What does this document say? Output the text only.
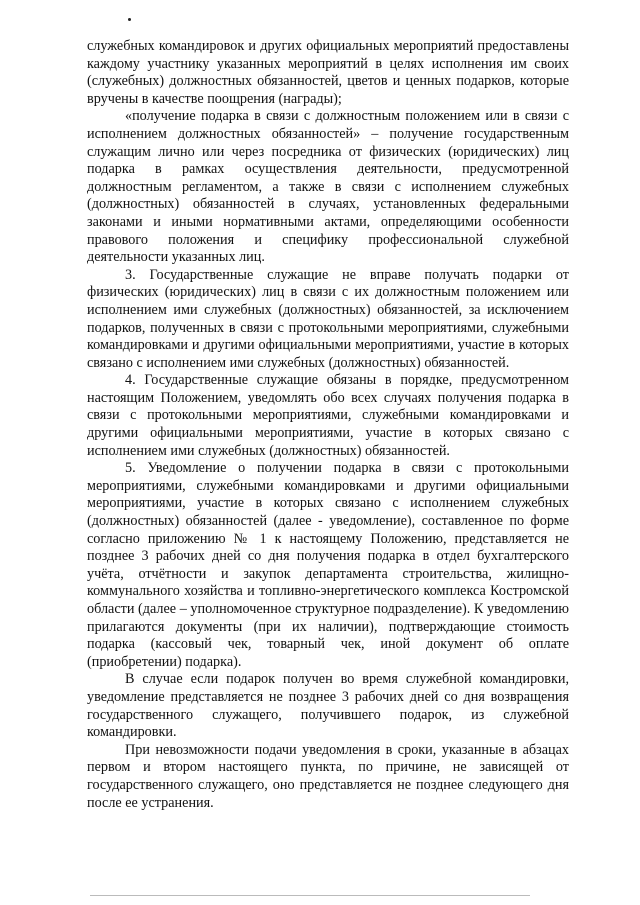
служебных командировок и других официальных мероприятий предоставлены каждому участнику указанных мероприятий в целях исполнения им своих (служебных) должностных обязанностей, цветов и ценных подарков, которые вручены в качестве поощрения (награды);

«получение подарка в связи с должностным положением или в связи с исполнением должностных обязанностей» – получение государственным служащим лично или через посредника от физических (юридических) лиц подарка в рамках осуществления деятельности, предусмотренной должностным регламентом, а также в связи с исполнением служебных (должностных) обязанностей в случаях, установленных федеральными законами и иными нормативными актами, определяющими особенности правового положения и специфику профессиональной служебной деятельности указанных лиц.

3. Государственные служащие не вправе получать подарки от физических (юридических) лиц в связи с их должностным положением или исполнением ими служебных (должностных) обязанностей, за исключением подарков, полученных в связи с протокольными мероприятиями, служебными командировками и другими официальными мероприятиями, участие в которых связано с исполнением ими служебных (должностных) обязанностей.

4. Государственные служащие обязаны в порядке, предусмотренном настоящим Положением, уведомлять обо всех случаях получения подарка в связи с протокольными мероприятиями, служебными командировками и другими официальными мероприятиями, участие в которых связано с исполнением ими служебных (должностных) обязанностей.

5. Уведомление о получении подарка в связи с протокольными мероприятиями, служебными командировками и другими официальными мероприятиями, участие в которых связано с исполнением служебных (должностных) обязанностей (далее - уведомление), составленное по форме согласно приложению № 1 к настоящему Положению, представляется не позднее 3 рабочих дней со дня получения подарка в отдел бухгалтерского учёта, отчётности и закупок департамента строительства, жилищно-коммунального хозяйства и топливно-энергетического комплекса Костромской области (далее – уполномоченное структурное подразделение). К уведомлению прилагаются документы (при их наличии), подтверждающие стоимость подарка (кассовый чек, товарный чек, иной документ об оплате (приобретении) подарка).

В случае если подарок получен во время служебной командировки, уведомление представляется не позднее 3 рабочих дней со дня возвращения государственного служащего, получившего подарок, из служебной командировки.

При невозможности подачи уведомления в сроки, указанные в абзацах первом и втором настоящего пункта, по причине, не зависящей от государственного служащего, оно представляется не позднее следующего дня после ее устранения.
